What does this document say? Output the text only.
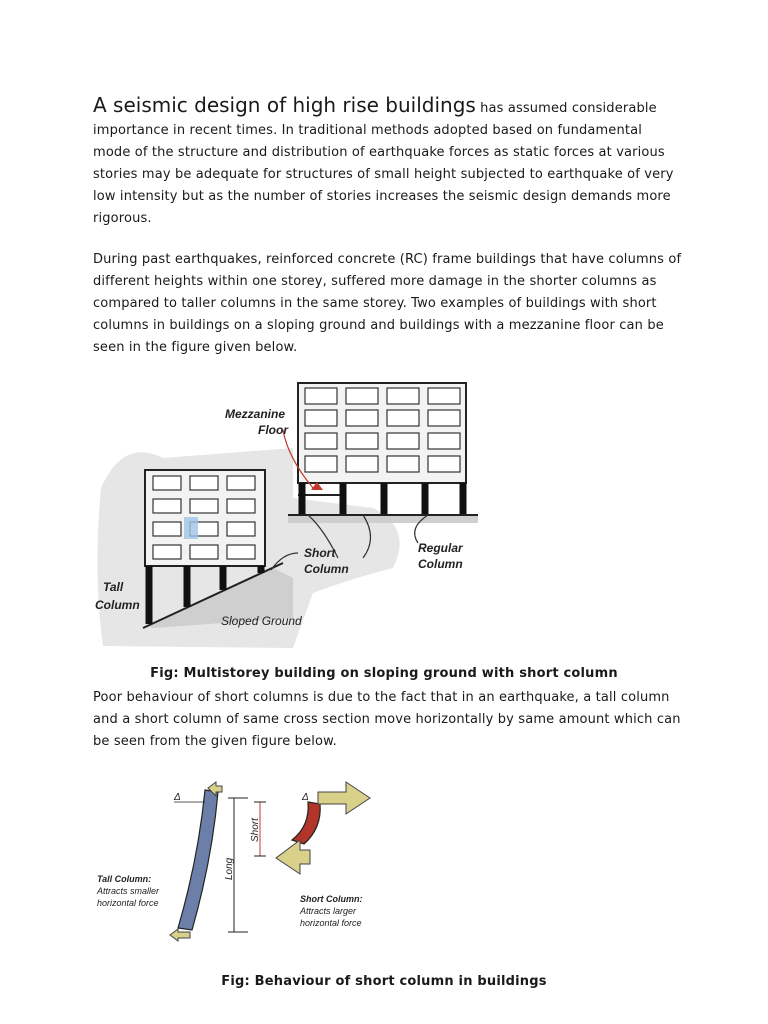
A seismic design of high rise buildings has assumed considerable importance in recent times. In traditional methods adopted based on fundamental mode of the structure and distribution of earthquake forces as static forces at various stories may be adequate for structures of small height subjected to earthquake of very low intensity but as the number of stories increases the seismic design demands more rigorous.

During past earthquakes, reinforced concrete (RC) frame buildings that have columns of different heights within one storey, suffered more damage in the shorter columns as compared to taller columns in the same storey. Two examples of buildings with short columns in buildings on a sloping ground and buildings with a mezzanine floor can be seen in the figure given below.

Mezzanine
Floor
Short
Column
Regular
Column
Tall
Column
Sloped Ground

Fig: Multistorey building on sloping ground with short column

Poor behaviour of short columns is due to the fact that in an earthquake, a tall column and a short column of same cross section move horizontally by same amount which can be seen from the given figure below.

Δ
Long
Short
Δ
Tall Column:
Attracts smaller
horizontal force	Short Column:
Attracts larger
horizontal force

Fig: Behaviour of short column in buildings
